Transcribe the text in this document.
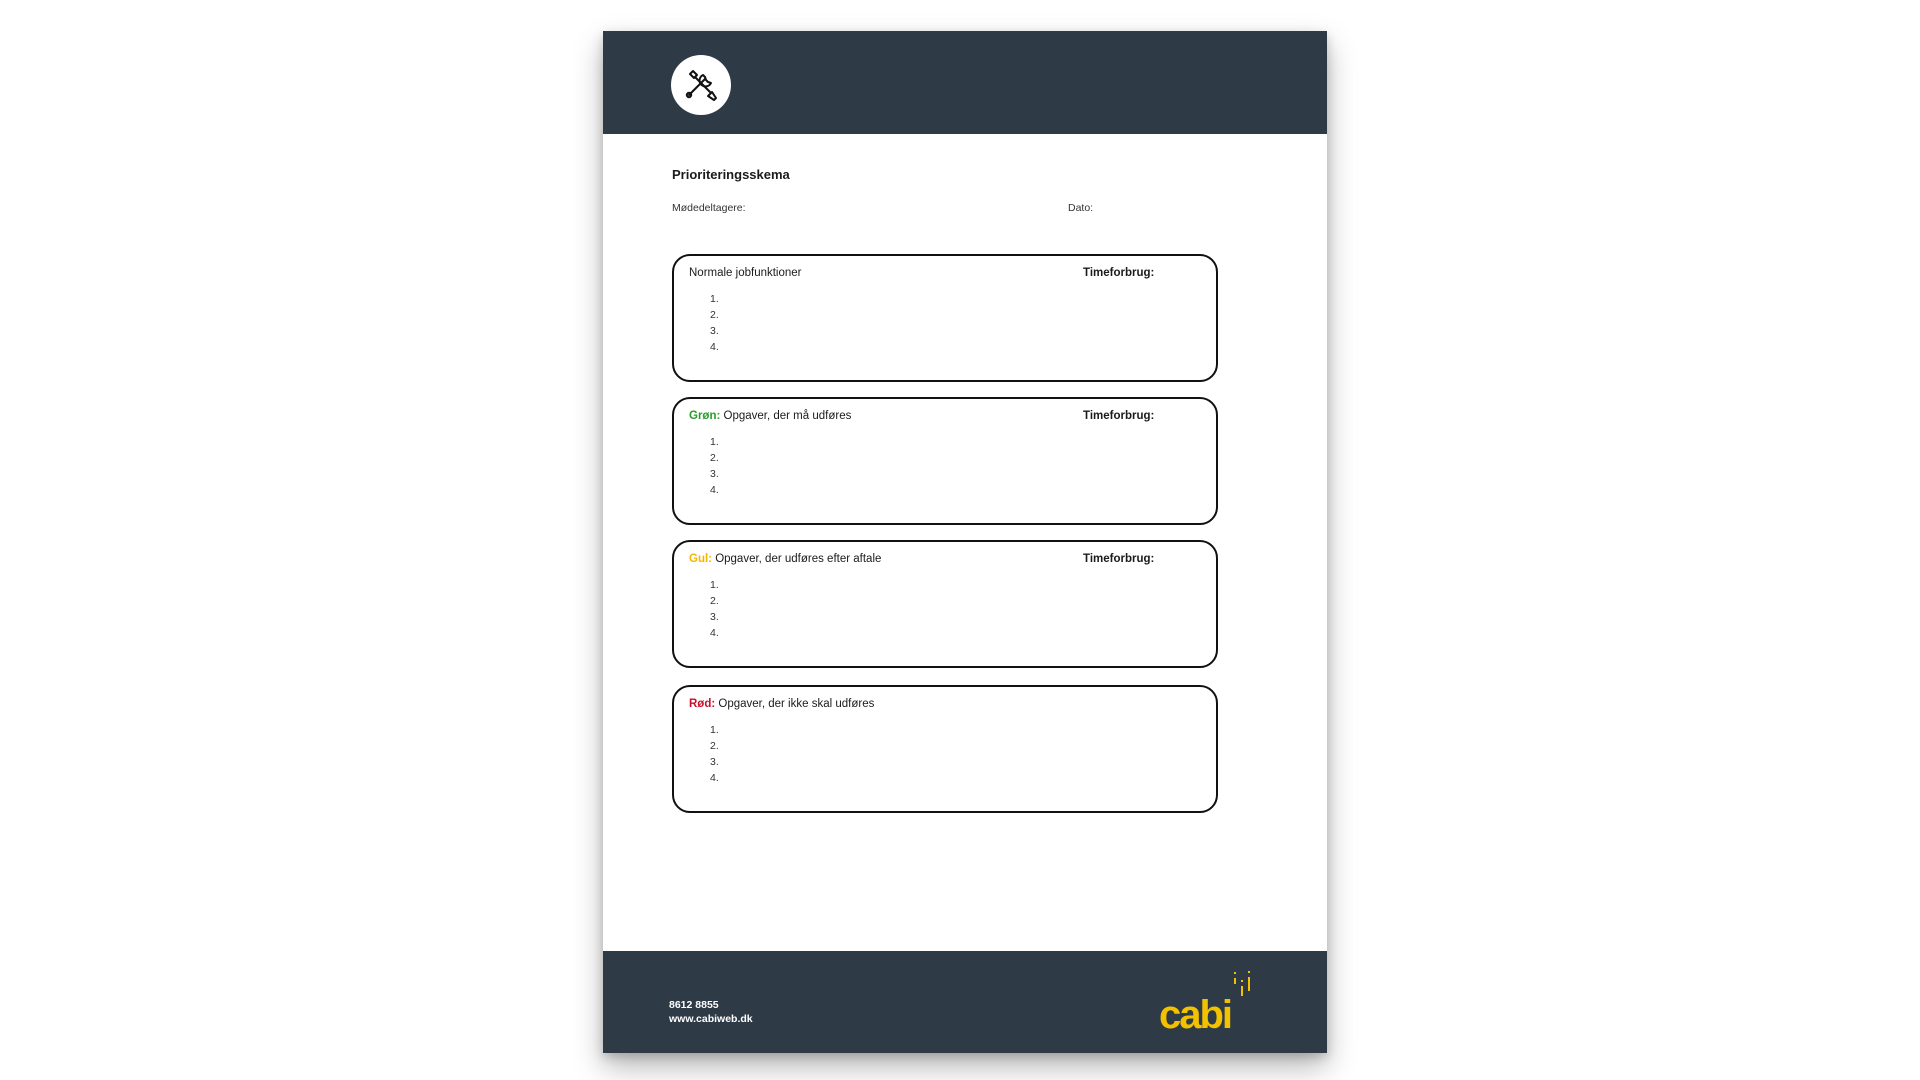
Prioriteringsskema
Mødedeltagere:	Dato:
Normale jobfunktioner	Timeforbrug:
1.
2.
3.
4.
Grøn: Opgaver, der må udføres	Timeforbrug:
1.
2.
3.
4.
Gul: Opgaver, der udføres efter aftale	Timeforbrug:
1.
2.
3.
4.
Rød: Opgaver, der ikke skal udføres
1.
2.
3.
4.
8612 8855
www.cabiweb.dk	cabi
